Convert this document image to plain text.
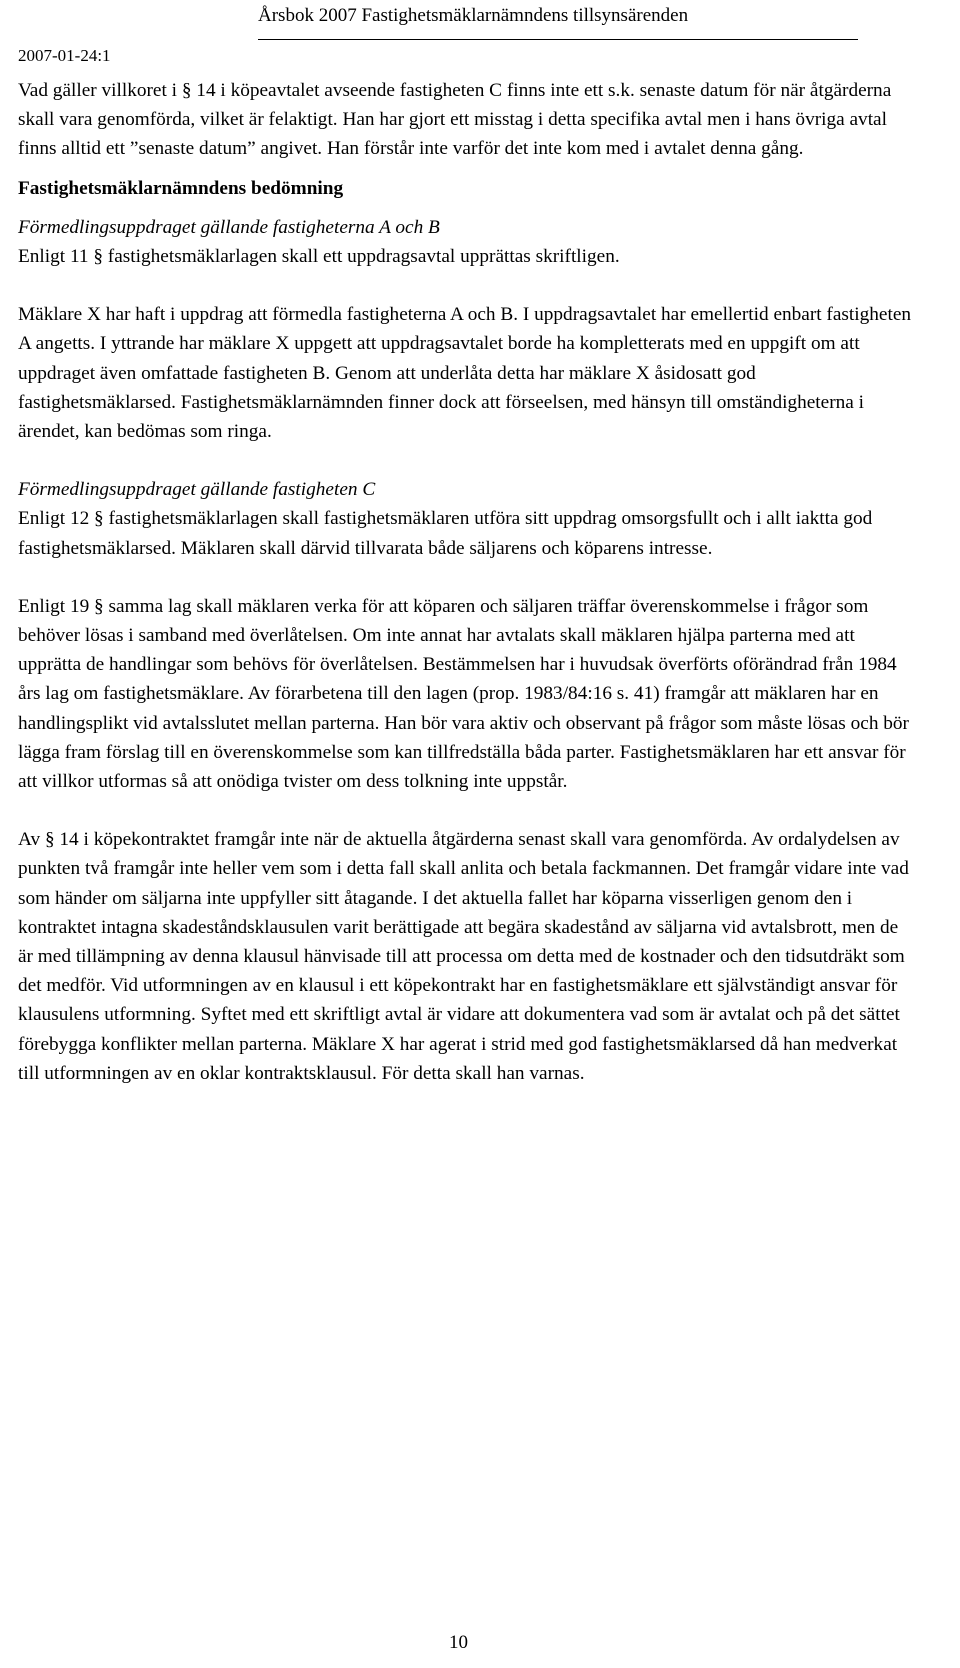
Årsbok 2007 Fastighetsmäklarnämndens tillsynsärenden
2007-01-24:1

Vad gäller villkoret i § 14 i köpeavtalet avseende fastigheten C finns inte ett s.k. senaste datum för när åtgärderna skall vara genomförda, vilket är felaktigt. Han har gjort ett misstag i detta specifika avtal men i hans övriga avtal finns alltid ett ”senaste datum” angivet. Han förstår inte varför det inte kom med i avtalet denna gång.

Fastighetsmäklarnämndens bedömning

Förmedlingsuppdraget gällande fastigheterna A och B

Enligt 11 § fastighetsmäklarlagen skall ett uppdragsavtal upprättas skriftligen.

Mäklare X har haft i uppdrag att förmedla fastigheterna A och B. I uppdragsavtalet har emellertid enbart fastigheten A angetts. I yttrande har mäklare X uppgett att uppdragsavtalet borde ha kompletterats med en uppgift om att uppdraget även omfattade fastigheten B. Genom att underlåta detta har mäklare X åsidosatt god fastighetsmäklarsed. Fastighetsmäklarnämnden finner dock att förseelsen, med hänsyn till omständigheterna i ärendet, kan bedömas som ringa.

Förmedlingsuppdraget gällande fastigheten C

Enligt 12 § fastighetsmäklarlagen skall fastighetsmäklaren utföra sitt uppdrag omsorgsfullt och i allt iaktta god fastighetsmäklarsed. Mäklaren skall därvid tillvarata både säljarens och köparens intresse.

Enligt 19 § samma lag skall mäklaren verka för att köparen och säljaren träffar överenskommelse i frågor som behöver lösas i samband med överlåtelsen. Om inte annat har avtalats skall mäklaren hjälpa parterna med att upprätta de handlingar som behövs för överlåtelsen. Bestämmelsen har i huvudsak överförts oförändrad från 1984 års lag om fastighetsmäklare. Av förarbetena till den lagen (prop. 1983/84:16 s. 41) framgår att mäklaren har en handlingsplikt vid avtalsslutet mellan parterna. Han bör vara aktiv och observant på frågor som måste lösas och bör lägga fram förslag till en överenskommelse som kan tillfredställa båda parter. Fastighetsmäklaren har ett ansvar för att villkor utformas så att onödiga tvister om dess tolkning inte uppstår.

Av § 14 i köpekontraktet framgår inte när de aktuella åtgärderna senast skall vara genomförda. Av ordalydelsen av punkten två framgår inte heller vem som i detta fall skall anlita och betala fackmannen. Det framgår vidare inte vad som händer om säljarna inte uppfyller sitt åtagande. I det aktuella fallet har köparna visserligen genom den i kontraktet intagna skadeståndsklausulen varit berättigade att begära skadestånd av säljarna vid avtalsbrott, men de är med tillämpning av denna klausul hänvisade till att processa om detta med de kostnader och den tidsutdräkt som det medför. Vid utformningen av en klausul i ett köpekontrakt har en fastighetsmäklare ett självständigt ansvar för klausulens utformning. Syftet med ett skriftligt avtal är vidare att dokumentera vad som är avtalat och på det sättet förebygga konflikter mellan parterna. Mäklare X har agerat i strid med god fastighetsmäklarsed då han medverkat till utformningen av en oklar kontraktsklausul. För detta skall han varnas.

10
